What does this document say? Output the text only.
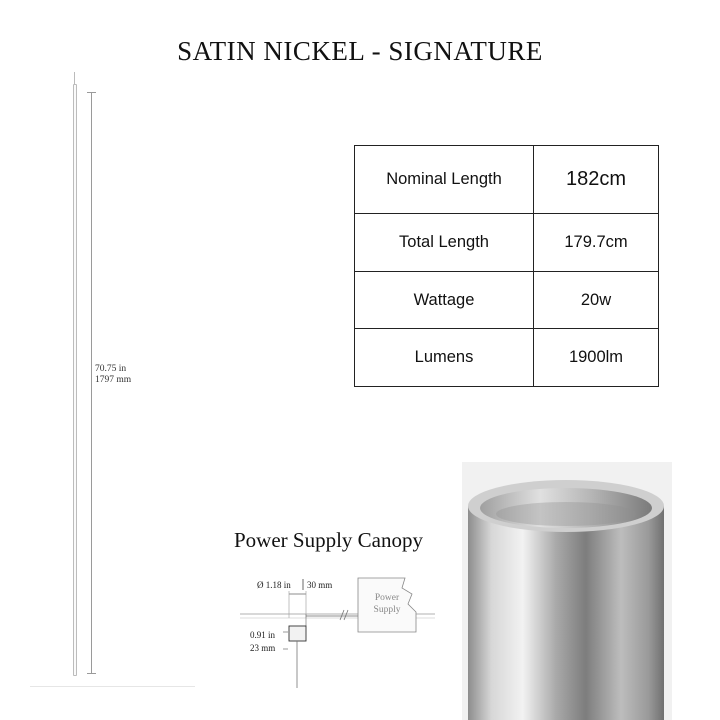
SATIN NICKEL - SIGNATURE
70.75 in
1797 mm
Nominal Length	182cm
Total Length	179.7cm
Wattage	20w
Lumens	1900lm
Power Supply Canopy
Ø 1.18 in 30 mm
0.91 in
23 mm
Power
Supply
